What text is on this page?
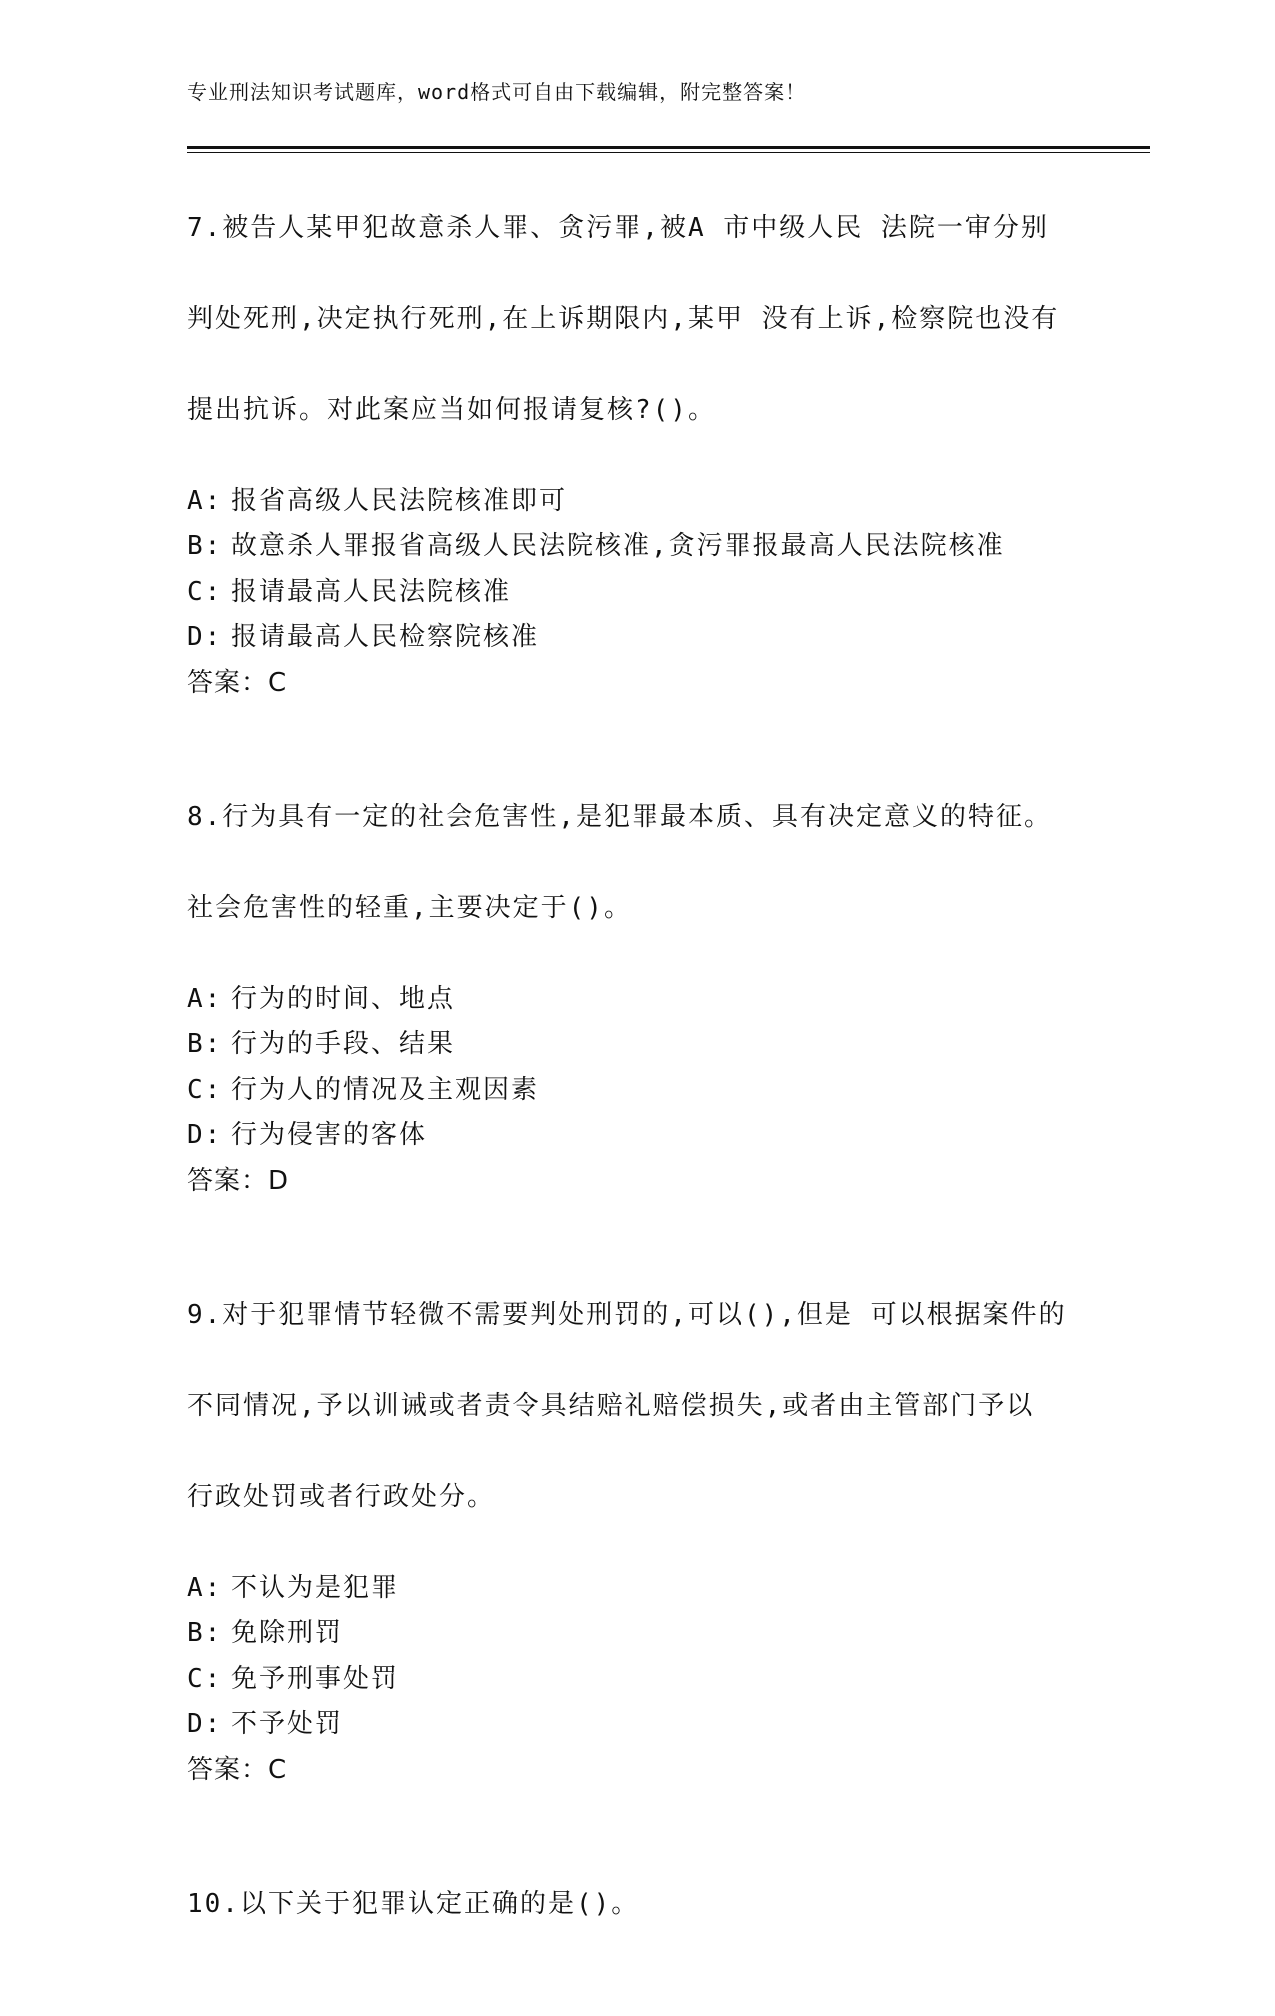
专业刑法知识考试题库，word格式可自由下载编辑，附完整答案！

7.被告人某甲犯故意杀人罪、贪污罪,被A 市中级人民 法院一审分别

判处死刑,决定执行死刑,在上诉期限内,某甲 没有上诉,检察院也没有

提出抗诉。对此案应当如何报请复核?()。

A: 报省高级人民法院核准即可
B: 故意杀人罪报省高级人民法院核准,贪污罪报最高人民法院核准
C: 报请最高人民法院核准
D: 报请最高人民检察院核准
答案：C

8.行为具有一定的社会危害性,是犯罪最本质、具有决定意义的特征。

社会危害性的轻重,主要决定于()。

A: 行为的时间、地点
B: 行为的手段、结果
C: 行为人的情况及主观因素
D: 行为侵害的客体
答案：D

9.对于犯罪情节轻微不需要判处刑罚的,可以(),但是 可以根据案件的

不同情况,予以训诫或者责令具结赔礼赔偿损失,或者由主管部门予以

行政处罚或者行政处分。

A: 不认为是犯罪
B: 免除刑罚
C: 免予刑事处罚
D: 不予处罚
答案：C

10.以下关于犯罪认定正确的是()。
